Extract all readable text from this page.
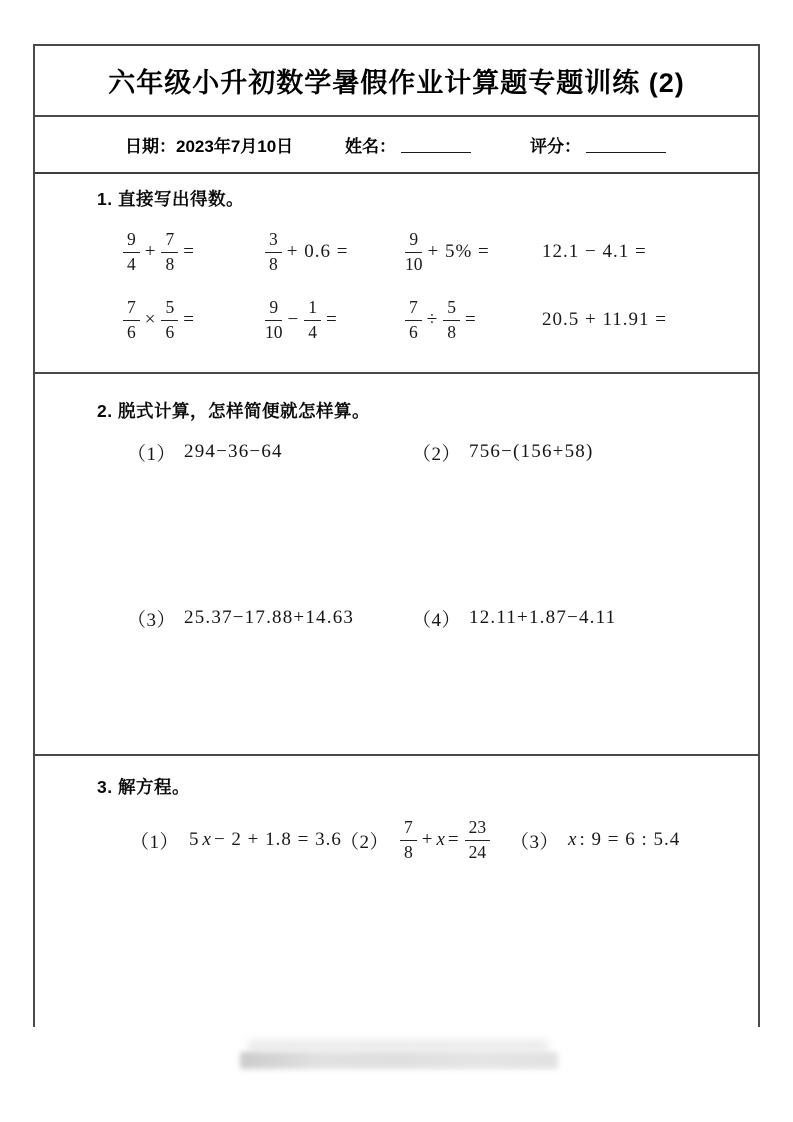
六年级小升初数学暑假作业计算题专题训练 (2)
日期：2023年7月10日	姓名：	评分：
1. 直接写出得数。
$\frac{9}{4} + \frac{7}{8}$ =	$\frac{3}{8} + 0.6$ =	$\frac{9}{10} + 5\%$ =	12.1 − 4.1 =
$\frac{7}{6} \times \frac{5}{6}$ =	$\frac{9}{10} - \frac{1}{4}$ =	$\frac{7}{6} \div \frac{5}{8}$ =	20.5 + 11.91 =
2. 脱式计算，怎样简便就怎样算。
（1） 294−36−64	（2） 756−(156+58)
（3） 25.37−17.88+14.63	（4） 12.11+1.87−4.11
3. 解方程。
（1） 5 x − 2 + 1.8 = 3.6
$(2) \frac{7}{8} + x = \frac{23}{24} (3)$ x : 9 = 6 : 5.4
